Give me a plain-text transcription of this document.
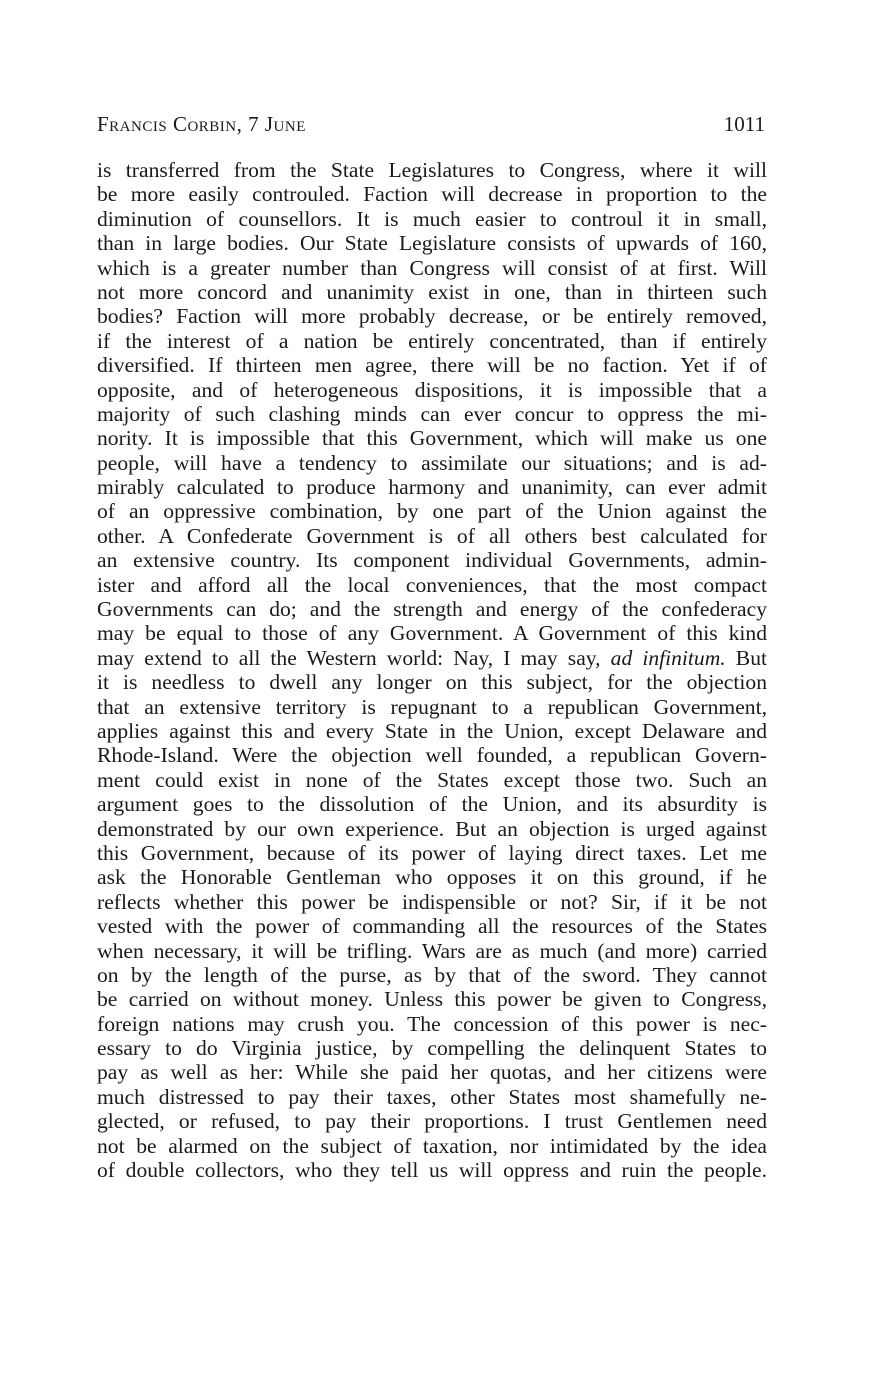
Francis Corbin, 7 June	1011
is transferred from the State Legislatures to Congress, where it will
be more easily controuled. Faction will decrease in proportion to the
diminution of counsellors. It is much easier to controul it in small,
than in large bodies. Our State Legislature consists of upwards of 160,
which is a greater number than Congress will consist of at first. Will
not more concord and unanimity exist in one, than in thirteen such
bodies? Faction will more probably decrease, or be entirely removed,
if the interest of a nation be entirely concentrated, than if entirely
diversified. If thirteen men agree, there will be no faction. Yet if of
opposite, and of heterogeneous dispositions, it is impossible that a
majority of such clashing minds can ever concur to oppress the mi-
nority. It is impossible that this Government, which will make us one
people, will have a tendency to assimilate our situations; and is ad-
mirably calculated to produce harmony and unanimity, can ever admit
of an oppressive combination, by one part of the Union against the
other. A Confederate Government is of all others best calculated for
an extensive country. Its component individual Governments, admin-
ister and afford all the local conveniences, that the most compact
Governments can do; and the strength and energy of the confederacy
may be equal to those of any Government. A Government of this kind
may extend to all the Western world: Nay, I may say, ad infinitum. But
it is needless to dwell any longer on this subject, for the objection
that an extensive territory is repugnant to a republican Government,
applies against this and every State in the Union, except Delaware and
Rhode-Island. Were the objection well founded, a republican Govern-
ment could exist in none of the States except those two. Such an
argument goes to the dissolution of the Union, and its absurdity is
demonstrated by our own experience. But an objection is urged against
this Government, because of its power of laying direct taxes. Let me
ask the Honorable Gentleman who opposes it on this ground, if he
reflects whether this power be indispensible or not? Sir, if it be not
vested with the power of commanding all the resources of the States
when necessary, it will be trifling. Wars are as much (and more) carried
on by the length of the purse, as by that of the sword. They cannot
be carried on without money. Unless this power be given to Congress,
foreign nations may crush you. The concession of this power is nec-
essary to do Virginia justice, by compelling the delinquent States to
pay as well as her: While she paid her quotas, and her citizens were
much distressed to pay their taxes, other States most shamefully ne-
glected, or refused, to pay their proportions. I trust Gentlemen need
not be alarmed on the subject of taxation, nor intimidated by the idea
of double collectors, who they tell us will oppress and ruin the people.
